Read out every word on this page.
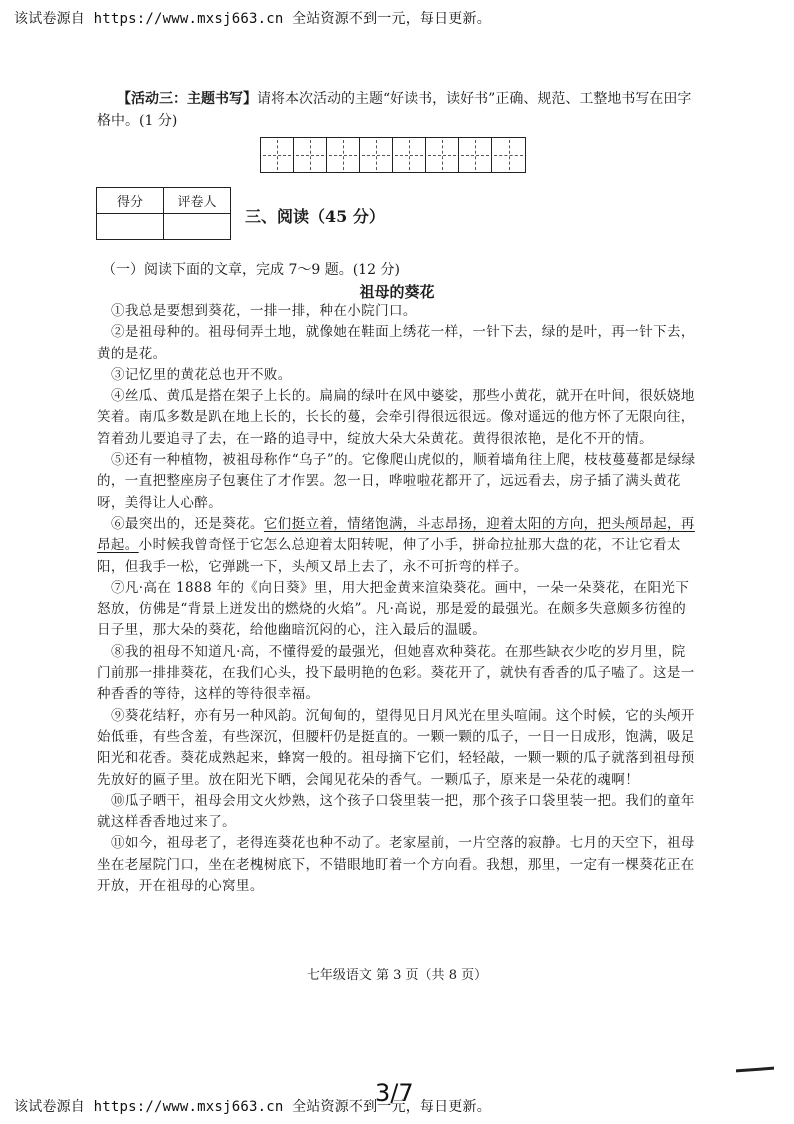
该试卷源自 https://www.mxsj663.cn 全站资源不到一元，每日更新。
【活动三：主题书写】请将本次活动的主题“好读书，读好书”正确、规范、工整地书写在田字格中。(1 分)
得分	评卷人

三、阅读（45 分）
（一）阅读下面的文章，完成 7～9 题。(12 分)
祖母的葵花

①我总是要想到葵花，一排一排，种在小院门口。

②是祖母种的。祖母伺弄土地，就像她在鞋面上绣花一样，一针下去，绿的是叶，再一针下去，黄的是花。

③记忆里的黄花总也开不败。

④丝瓜、黄瓜是搭在架子上长的。扁扁的绿叶在风中婆娑，那些小黄花，就开在叶间，很妖娆地笑着。南瓜多数是趴在地上长的，长长的蔓，会牵引得很远很远。像对遥远的他方怀了无限向往，笤着劲儿要追寻了去，在一路的追寻中，绽放大朵大朵黄花。黄得很浓艳，是化不开的情。

⑤还有一种植物，被祖母称作“乌子”的。它像爬山虎似的，顺着墙角往上爬，枝枝蔓蔓都是绿绿的，一直把整座房子包裹住了才作罢。忽一日，哗啦啦花都开了，远远看去，房子插了满头黄花呀，美得让人心醉。

⑥最突出的，还是葵花。它们挺立着，情绪饱满，斗志昂扬，迎着太阳的方向，把头颅昂起，再昂起。小时候我曾奇怪于它怎么总迎着太阳转呢，伸了小手，拼命拉扯那大盘的花，不让它看太阳，但我手一松，它弹跳一下，头颅又昂上去了，永不可折弯的样子。

⑦凡·高在 1888 年的《向日葵》里，用大把金黄来渲染葵花。画中，一朵一朵葵花，在阳光下怒放，仿佛是“背景上迸发出的燃烧的火焰”。凡·高说，那是爱的最强光。在颇多失意颇多彷徨的日子里，那大朵的葵花，给他幽暗沉闷的心，注入最后的温暖。

⑧我的祖母不知道凡·高，不懂得爱的最强光，但她喜欢种葵花。在那些缺衣少吃的岁月里，院门前那一排排葵花，在我们心头，投下最明艳的色彩。葵花开了，就快有香香的瓜子嗑了。这是一种香香的等待，这样的等待很幸福。

⑨葵花结籽，亦有另一种风韵。沉甸甸的，望得见日月风光在里头喧闹。这个时候，它的头颅开始低垂，有些含羞，有些深沉，但腰杆仍是挺直的。一颗一颗的瓜子，一日一日成形，饱满，吸足阳光和花香。葵花成熟起来，蜂窝一般的。祖母摘下它们，轻轻敲，一颗一颗的瓜子就落到祖母预先放好的匾子里。放在阳光下晒，会闻见花朵的香气。一颗瓜子，原来是一朵花的魂啊！

⑩瓜子晒干，祖母会用文火炒熟，这个孩子口袋里装一把，那个孩子口袋里装一把。我们的童年就这样香香地过来了。

⑪如今，祖母老了，老得连葵花也种不动了。老家屋前，一片空落的寂静。七月的天空下，祖母坐在老屋院门口，坐在老槐树底下，不错眼地盯着一个方向看。我想，那里，一定有一棵葵花正在开放，开在祖母的心窝里。

七年级语文 第 3 页（共 8 页）
该试卷源自 https://www.mxsj663.cn 全站资源不到一元，每日更新。
3/7
